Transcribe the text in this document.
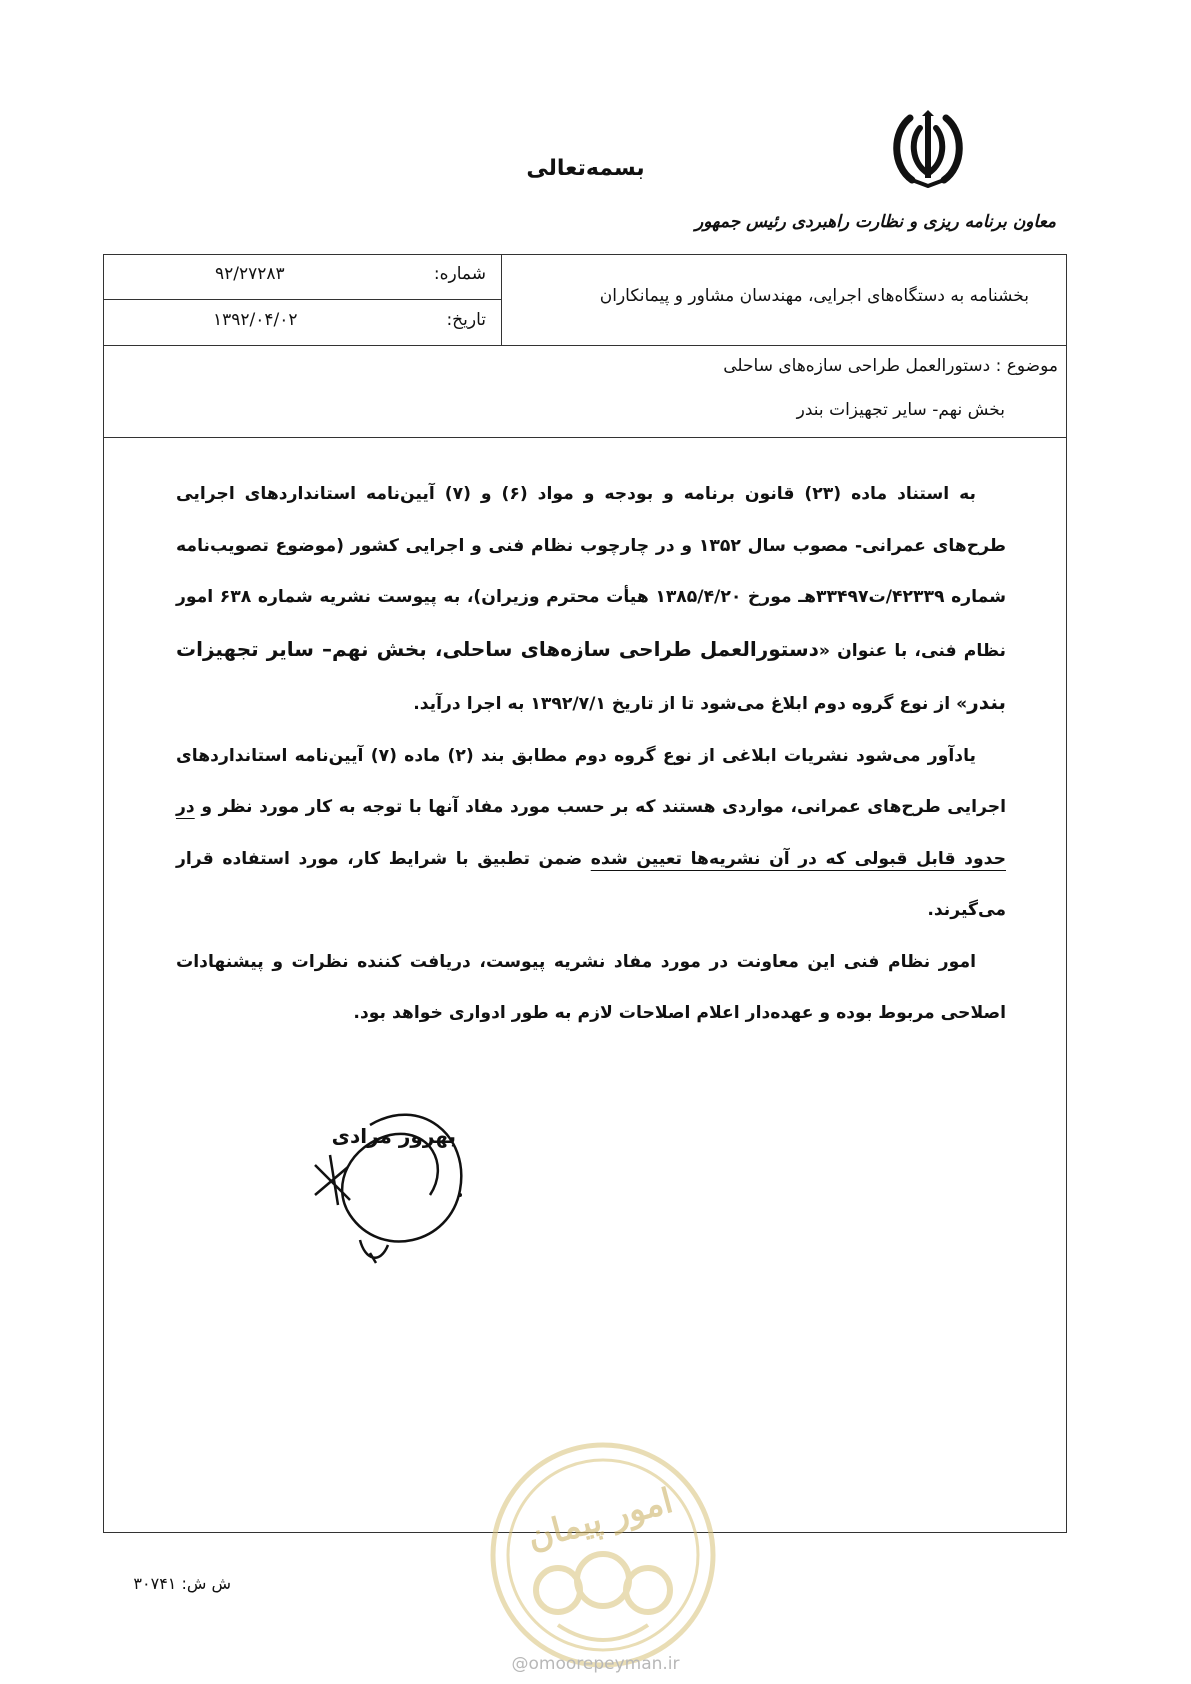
بسمه‌تعالی
معاون برنامه ریزی و نظارت راهبردی رئیس جمهور
بخشنامه به دستگاه‌های اجرایی، مهندسان مشاور و پیمانکاران
شماره:
۹۲/۲۷۲۸۳
تاریخ:
۱۳۹۲/۰۴/۰۲
موضوع : دستورالعمل طراحی سازه‌های ساحلی
بخش نهم- سایر تجهیزات بندر

به استناد ماده (۲۳) قانون برنامه و بودجه و مواد (۶) و (۷) آیین‌نامه استانداردهای اجرایی طرح‌های عمرانی- مصوب سال ۱۳۵۲ و در چارچوب نظام فنی و اجرایی کشور (موضوع تصویب‌نامه شماره ۴۲۳۳۹/ت۳۳۴۹۷هـ مورخ ۱۳۸۵/۴/۲۰ هیأت محترم وزیران)، به پیوست نشریه شماره ۶۳۸ امور نظام فنی، با عنوان «دستورالعمل طراحی سازه‌های ساحلی، بخش نهم– سایر تجهیزات بندر» از نوع گروه دوم ابلاغ می‌شود تا از تاریخ ۱۳۹۲/۷/۱ به اجرا درآید.

یادآور می‌شود نشریات ابلاغی از نوع گروه دوم مطابق بند (۲) ماده (۷) آیین‌نامه استانداردهای اجرایی طرح‌های عمرانی، مواردی هستند که بر حسب مورد مفاد آنها با توجه به کار مورد نظر و در حدود قابل قبولی که در آن نشریه‌ها تعیین شده ضمن تطبیق با شرایط کار، مورد استفاده قرار می‌گیرند.

امور نظام فنی این معاونت در مورد مفاد نشریه پیوست، دریافت کننده نظرات و پیشنهادات اصلاحی مربوط بوده و عهده‌دار اعلام اصلاحات لازم به طور ادواری خواهد بود.

بهروز مرادی
امور پیمان
ش ش: ۳۰۷۴۱
@omoorepeyman.ir
